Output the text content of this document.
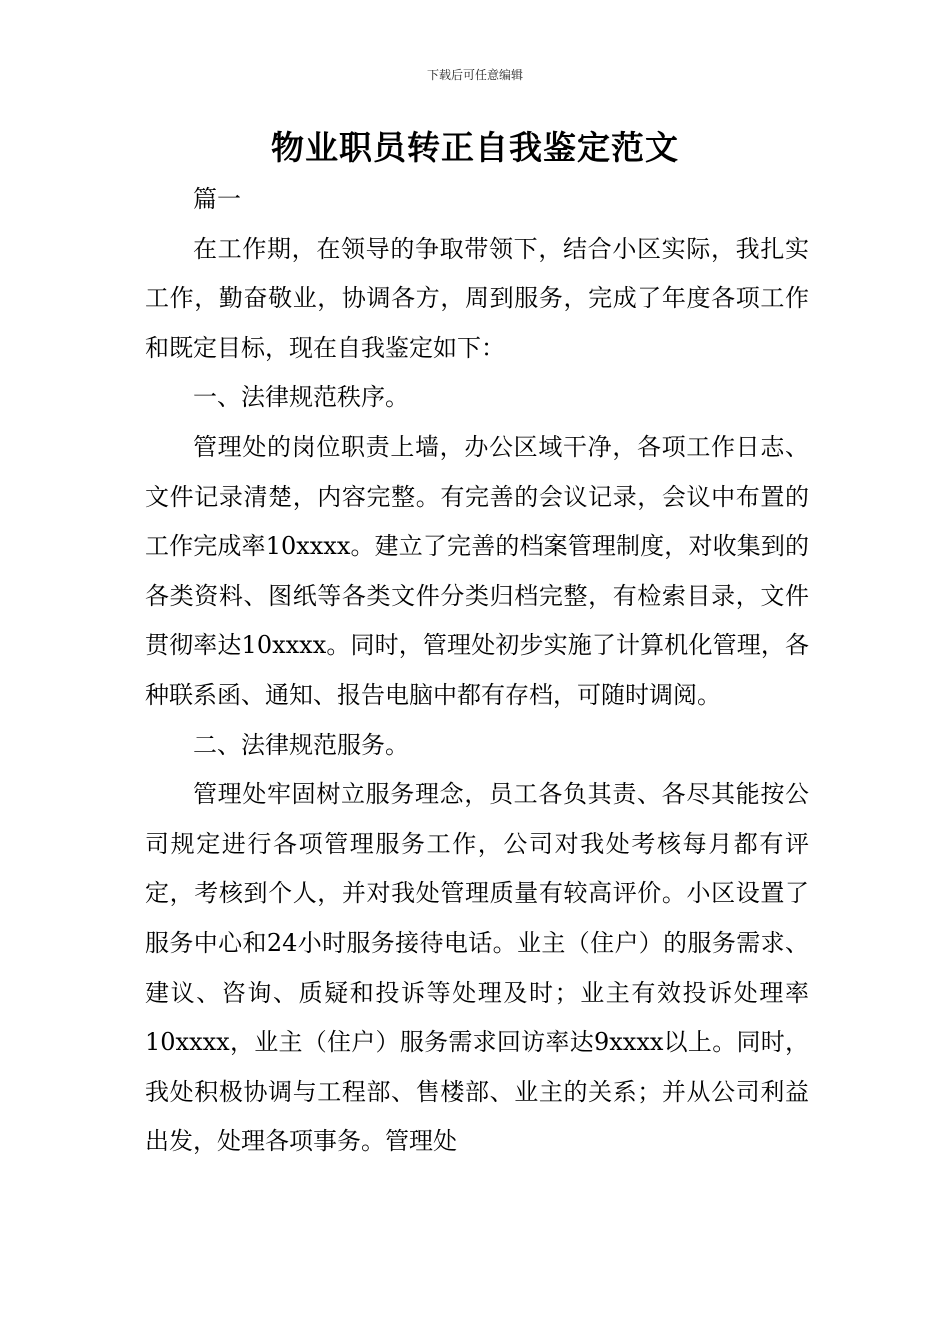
下载后可任意编辑
物业职员转正自我鉴定范文

篇一

在工作期，在领导的争取带领下，结合小区实际，我扎实工作，勤奋敬业，协调各方，周到服务，完成了年度各项工作和既定目标，现在自我鉴定如下：

一、法律规范秩序。

管理处的岗位职责上墙，办公区域干净，各项工作日志、文件记录清楚，内容完整。有完善的会议记录，会议中布置的工作完成率10xxxx。建立了完善的档案管理制度，对收集到的各类资料、图纸等各类文件分类归档完整，有检索目录，文件贯彻率达10xxxx。同时，管理处初步实施了计算机化管理，各种联系函、通知、报告电脑中都有存档，可随时调阅。

二、法律规范服务。

管理处牢固树立服务理念，员工各负其责、各尽其能按公司规定进行各项管理服务工作，公司对我处考核每月都有评定，考核到个人，并对我处管理质量有较高评价。小区设置了服务中心和24小时服务接待电话。业主（住户）的服务需求、建议、咨询、质疑和投诉等处理及时；业主有效投诉处理率10xxxx，业主（住户）服务需求回访率达9xxxx以上。同时，我处积极协调与工程部、售楼部、业主的关系；并从公司利益出发，处理各项事务。管理处
